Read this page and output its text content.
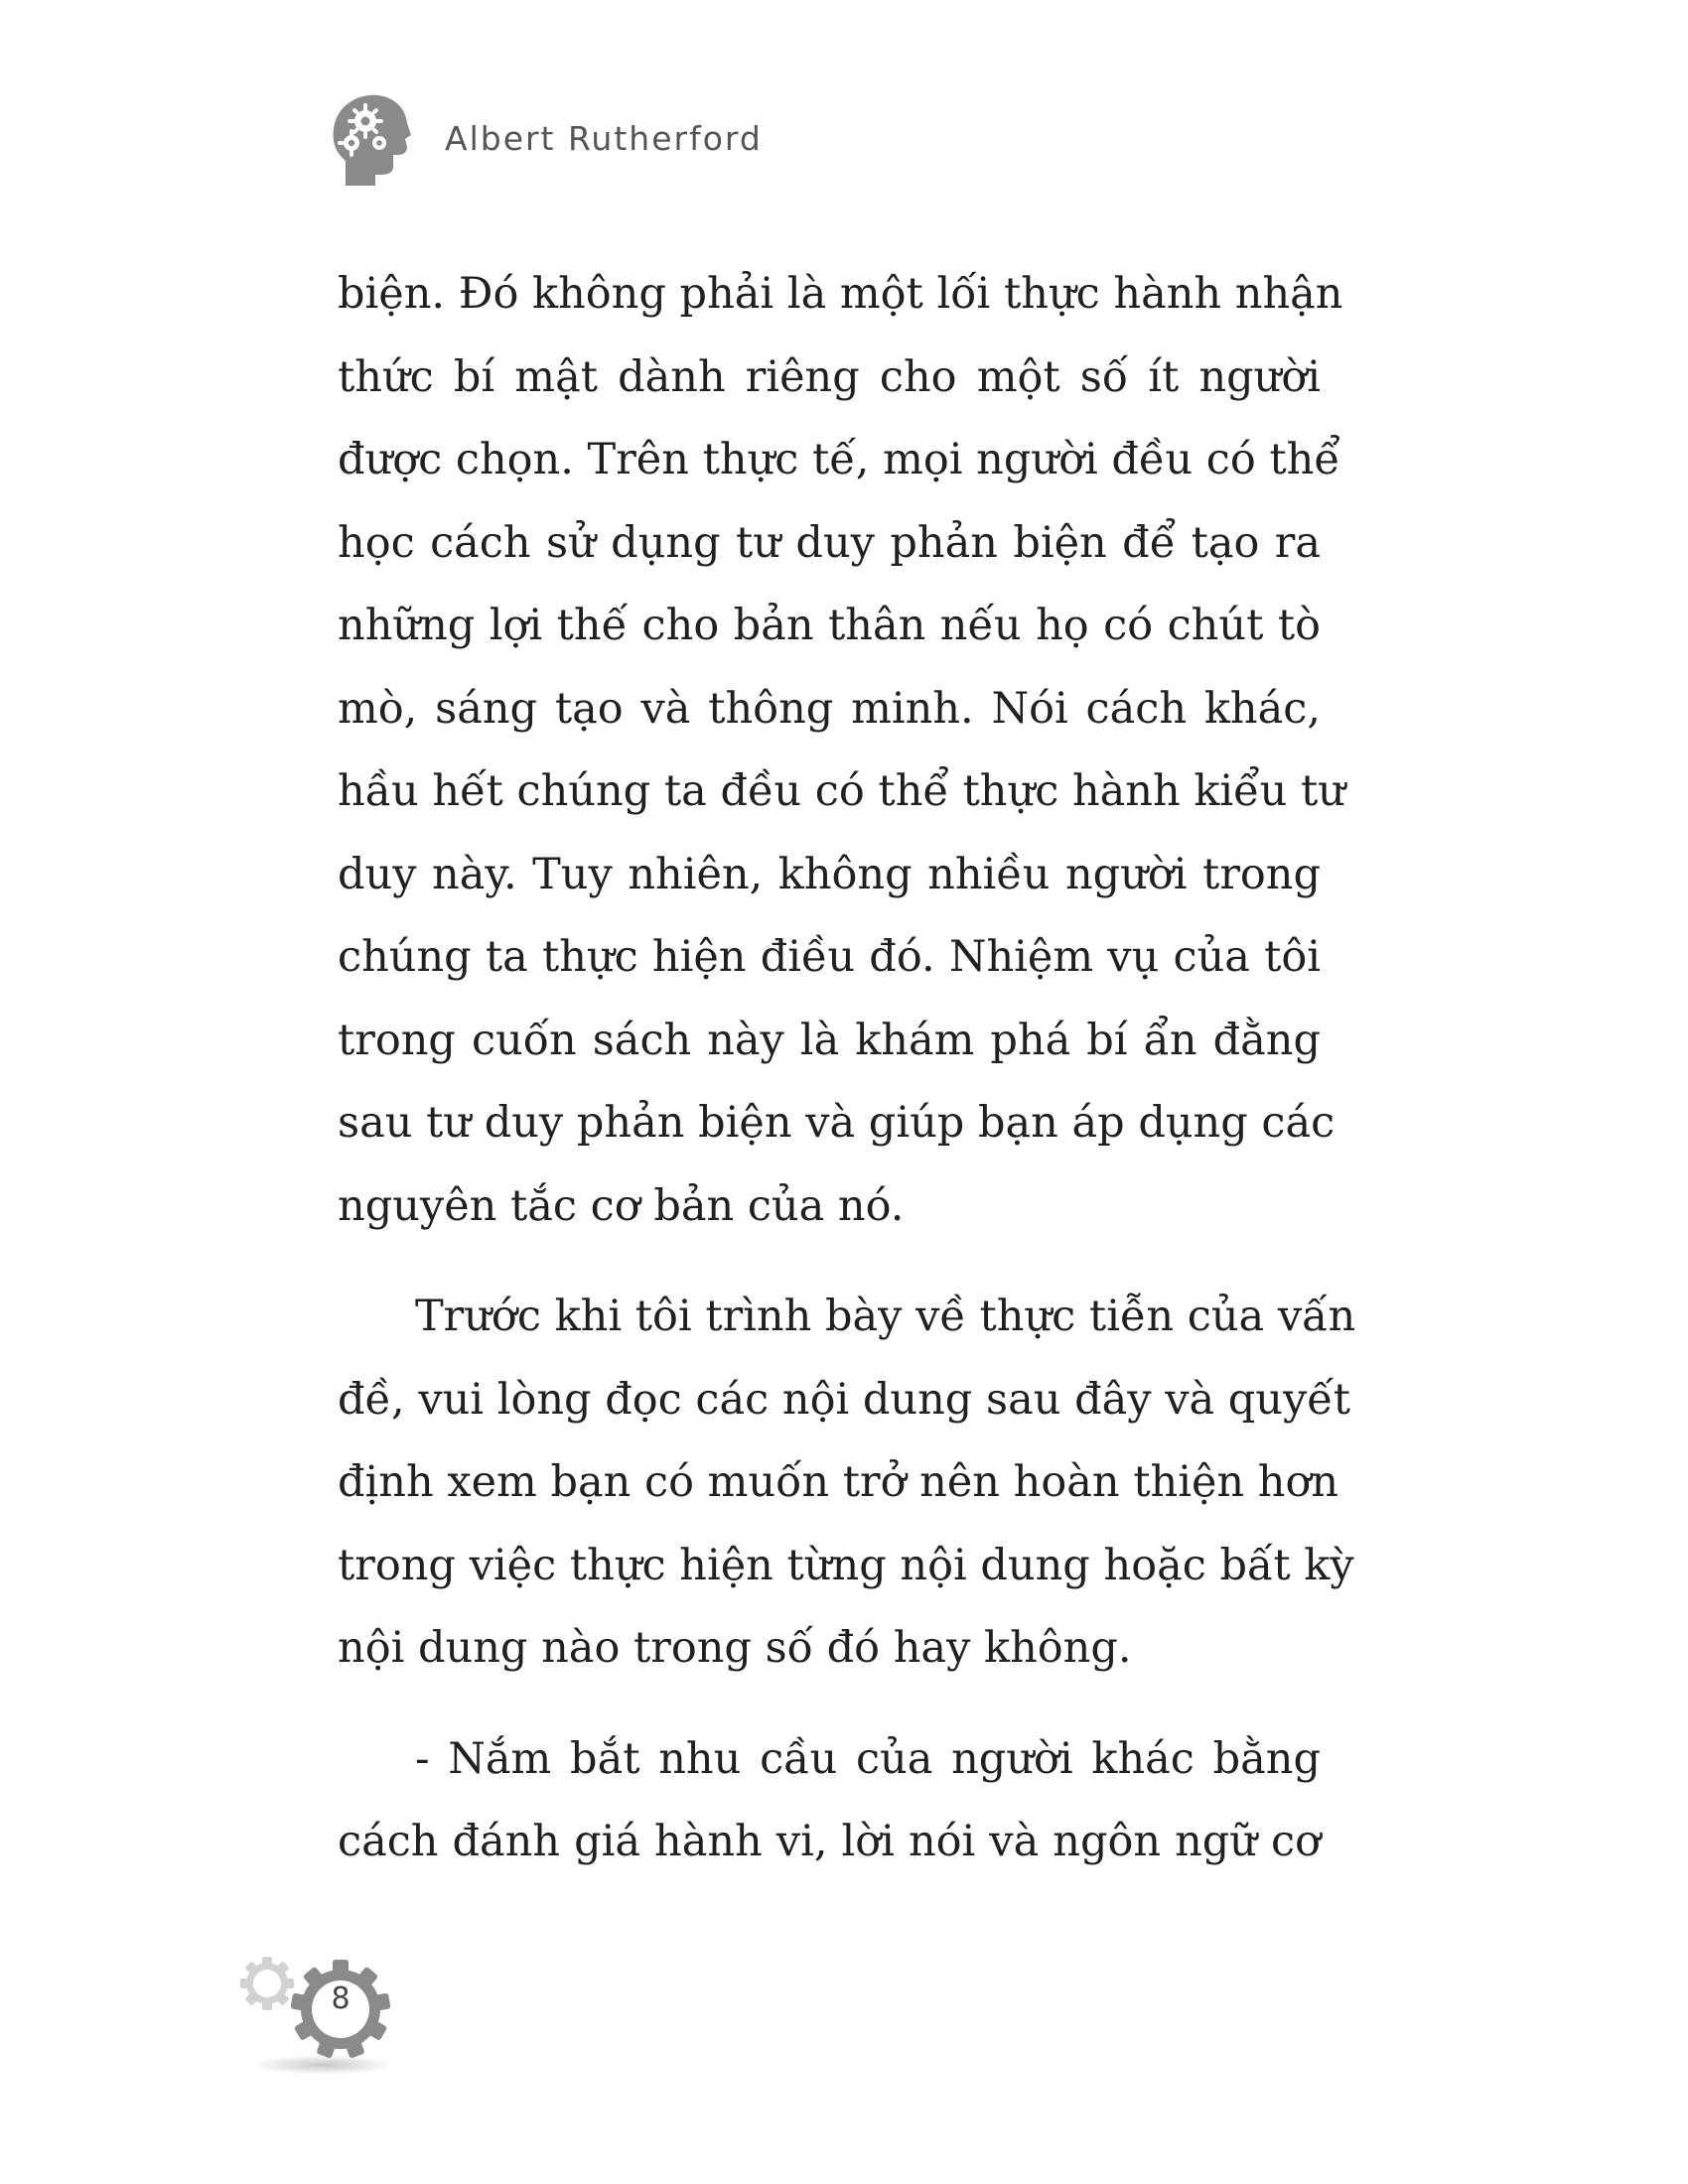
Albert Rutherford

biện. Đó không phải là một lối thực hành nhận
thức bí mật dành riêng cho một số ít người
được chọn. Trên thực tế, mọi người đều có thể
học cách sử dụng tư duy phản biện để tạo ra
những lợi thế cho bản thân nếu họ có chút tò
mò, sáng tạo và thông minh. Nói cách khác,
hầu hết chúng ta đều có thể thực hành kiểu tư
duy này. Tuy nhiên, không nhiều người trong
chúng ta thực hiện điều đó. Nhiệm vụ của tôi
trong cuốn sách này là khám phá bí ẩn đằng
sau tư duy phản biện và giúp bạn áp dụng các
nguyên tắc cơ bản của nó.

Trước khi tôi trình bày về thực tiễn của vấn
đề, vui lòng đọc các nội dung sau đây và quyết
định xem bạn có muốn trở nên hoàn thiện hơn
trong việc thực hiện từng nội dung hoặc bất kỳ
nội dung nào trong số đó hay không.

- Nắm bắt nhu cầu của người khác bằng
cách đánh giá hành vi, lời nói và ngôn ngữ cơ

8
